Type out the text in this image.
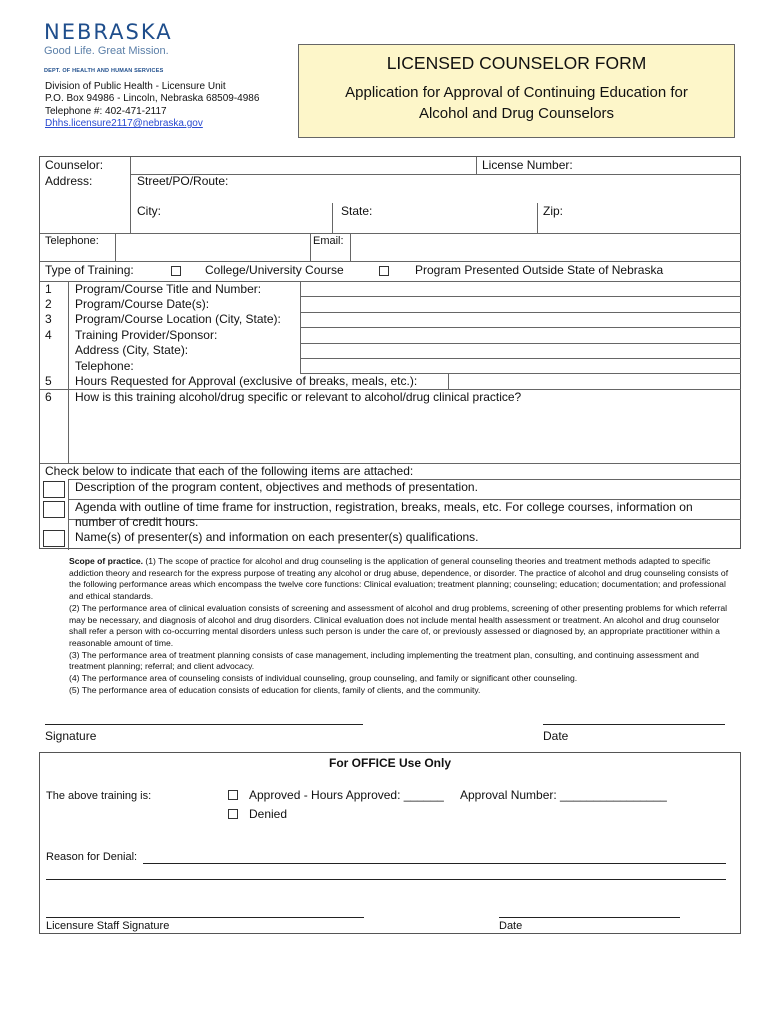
NEBRASKA
Good Life. Great Mission.
DEPT. OF HEALTH AND HUMAN SERVICES
Division of Public Health - Licensure Unit
P.O. Box 94986 - Lincoln, Nebraska 68509-4986
Telephone #: 402-471-2117
Dhhs.licensure2117@nebraska.gov
LICENSED COUNSELOR FORM
Application for Approval of Continuing Education for
Alcohol and Drug Counselors
Counselor:	License Number:
Address:	Street/PO/Route:
City:	State:	Zip:
Telephone:	Email:
Type of Training:	College/University Course	Program Presented Outside State of Nebraska
1 Program/Course Title and Number:
2 Program/Course Date(s):
3 Program/Course Location (City, State):
4 Training Provider/Sponsor:
Address (City, State):
Telephone:
5 Hours Requested for Approval (exclusive of breaks, meals, etc.):
6 How is this training alcohol/drug specific or relevant to alcohol/drug clinical practice?
Check below to indicate that each of the following items are attached:
Description of the program content, objectives and methods of presentation.
Agenda with outline of time frame for instruction, registration, breaks, meals, etc. For college courses, information on
number of credit hours.
Name(s) of presenter(s) and information on each presenter(s) qualifications.

Scope of practice. (1) The scope of practice for alcohol and drug counseling is the application of general counseling theories and treatment methods adapted to specific addiction theory and research for the express purpose of treating any alcohol or drug abuse, dependence, or disorder. The practice of alcohol and drug counseling consists of the following performance areas which encompass the twelve core functions: Clinical evaluation; treatment planning; counseling; education; documentation; and professional and ethical standards.

(2) The performance area of clinical evaluation consists of screening and assessment of alcohol and drug problems, screening of other presenting problems for which referral may be necessary, and diagnosis of alcohol and drug disorders. Clinical evaluation does not include mental health assessment or treatment. An alcohol and drug counselor shall refer a person with co-occurring mental disorders unless such person is under the care of, or previously assessed or diagnosed by, an appropriate practitioner within a reasonable amount of time.

(3) The performance area of treatment planning consists of case management, including implementing the treatment plan, consulting, and continuing assessment and treatment planning; referral; and client advocacy.

(4) The performance area of counseling consists of individual counseling, group counseling, and family or significant other counseling.

(5) The performance area of education consists of education for clients, family of clients, and the community.

Signature	Date
For OFFICE Use Only
The above training is:	Approved - Hours Approved: ______ Approval Number: ________________
Denied
Reason for Denial:
Licensure Staff Signature	Date
